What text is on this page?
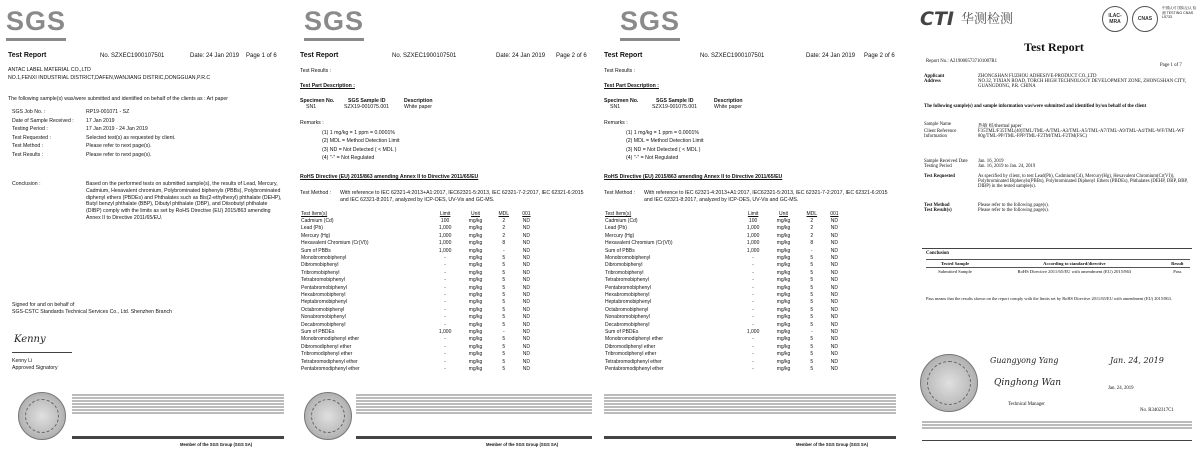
SGS
Test Report	No. SZXEC1900107501	Date: 24 Jan 2019 Page 1 of 6
ANTAC LABEL MATERIAL CO.,LTD
NO.1,FENXI INDUSTRIAL DISTRICT,DAFEN,WANJIANG DISTRIC,DONGGUAN,P.R.C
The following sample(s) was/were submitted and identified on behalf of the clients as : Art paper
SGS Job No. :	RP19-001071 - SZ
Date of Sample Received :	17 Jan 2019
Testing Period :	17 Jan 2019 - 24 Jan 2019
Test Requested :	Selected test(s) as requested by client.
Test Method :	Please refer to next page(s).
Test Results :	Please refer to next page(s).
Conclusion :	Based on the performed tests on submitted sample(s), the results of Lead, Mercury, Cadmium, Hexavalent chromium, Polybrominated biphenyls (PBBs), Polybrominated diphenyl ethers (PBDEs) and Phthalates such as Bis(2-ethylhexyl) phthalate (DEHP), Butyl benzyl phthalate (BBP), Dibutyl phthalate (DBP), and Diisobutyl phthalate (DIBP) comply with the limits as set by RoHS Directive (EU) 2015/863 amending Annex II to Directive 2011/65/EU.
Signed for and on behalf of
SGS-CSTC Standards Technical Services Co., Ltd. Shenzhen Branch
Kenny
Kenny Li
Approved Signatory
Member of the SGS Group (SGS SA)
SGS
Test Report	No. SZXEC1900107501	Date: 24 Jan 2019 Page 2 of 6
Test Results :
Test Part Description :
Specimen No.	SGS Sample ID	Description
SN1	SZX19-001075.001	White paper
Remarks :
(1) 1 mg/kg = 1 ppm = 0.0001%
(2) MDL = Method Detection Limit
(3) ND = Not Detected ( < MDL )
(4) "-" = Not Regulated
RoHS Directive (EU) 2015/863 amending Annex II to Directive 2011/65/EU
Test Method : With reference to IEC 62321-4:2013+A1:2017, IEC62321-5:2013, IEC 62321-7-2:2017, IEC 62321-6:2015 and IEC 62321-8:2017, analyzed by ICP-OES, UV-Vis and GC-MS.
Test Item(s)	Limit	Unit	MDL	001
Cadmium (Cd)	100	mg/kg	2	ND
Lead (Pb)	1,000	mg/kg	2	ND
Mercury (Hg)	1,000	mg/kg	2	ND
Hexavalent Chromium (Cr(VI))	1,000	mg/kg	8	ND
Sum of PBBs	1,000	mg/kg	-	ND
Monobromobiphenyl	-	mg/kg	5	ND
Dibromobiphenyl	-	mg/kg	5	ND
Tribromobiphenyl	-	mg/kg	5	ND
Tetrabromobiphenyl	-	mg/kg	5	ND
Pentabromobiphenyl	-	mg/kg	5	ND
Hexabromobiphenyl	-	mg/kg	5	ND
Heptabromobiphenyl	-	mg/kg	5	ND
Octabromobiphenyl	-	mg/kg	5	ND
Nonabromobiphenyl	-	mg/kg	5	ND
Decabromobiphenyl	-	mg/kg	5	ND
Sum of PBDEs	1,000	mg/kg	-	ND
Monobromodiphenyl ether	-	mg/kg	5	ND
Dibromodiphenyl ether	-	mg/kg	5	ND
Tribromodiphenyl ether	-	mg/kg	5	ND
Tetrabromodiphenyl ether	-	mg/kg	5	ND
Pentabromodiphenyl ether	-	mg/kg	5	ND
Member of the SGS Group (SGS SA)
SGS
Test Report	No. SZXEC1900107501	Date: 24 Jan 2019 Page 2 of 6
Test Results :
Test Part Description :
Specimen No.	SGS Sample ID	Description
SN1	SZX19-001075.001	White paper
Remarks :
(1) 1 mg/kg = 1 ppm = 0.0001%
(2) MDL = Method Detection Limit
(3) ND = Not Detected ( < MDL )
(4) "-" = Not Regulated
RoHS Directive (EU) 2015/863 amending Annex II to Directive 2011/65/EU
Test Method : With reference to IEC 62321-4:2013+A1:2017, IEC62321-5:2013, IEC 62321-7-2:2017, IEC 62321-6:2015 and IEC 62321-8:2017, analyzed by ICP-OES, UV-Vis and GC-MS.
Test Item(s)	Limit	Unit	MDL	001
Cadmium (Cd)	100	mg/kg	2	ND
Lead (Pb)	1,000	mg/kg	2	ND
Mercury (Hg)	1,000	mg/kg	2	ND
Hexavalent Chromium (Cr(VI))	1,000	mg/kg	8	ND
Sum of PBBs	1,000	mg/kg	-	ND
Monobromobiphenyl	-	mg/kg	5	ND
Dibromobiphenyl	-	mg/kg	5	ND
Tribromobiphenyl	-	mg/kg	5	ND
Tetrabromobiphenyl	-	mg/kg	5	ND
Pentabromobiphenyl	-	mg/kg	5	ND
Hexabromobiphenyl	-	mg/kg	5	ND
Heptabromobiphenyl	-	mg/kg	5	ND
Octabromobiphenyl	-	mg/kg	5	ND
Nonabromobiphenyl	-	mg/kg	5	ND
Decabromobiphenyl	-	mg/kg	5	ND
Sum of PBDEs	1,000	mg/kg	-	ND
Monobromodiphenyl ether	-	mg/kg	5	ND
Dibromodiphenyl ether	-	mg/kg	5	ND
Tribromodiphenyl ether	-	mg/kg	5	ND
Tetrabromodiphenyl ether	-	mg/kg	5	ND
Pentabromodiphenyl ether	-	mg/kg	5	ND
Member of the SGS Group (SGS SA)
CTI 华测检测	ILAC-MRA	CNAS
中国认可 国际互认 检测 TESTING CNAS L5733
Test Report
Report No.: A2190005737101007R1
Page 1 of 7
Applicant	ZHONGSHAN FUZHOU ADHESIVE-PRODUCT CO.,LTD
Address	NO.32, YIXIAN ROAD, TORCH HIGH TECHNOLOGY DEVELOPMENT ZONE, ZHONGSHAN CITY, GUANGDONG, P.R. CHINA
The following sample(s) and sample information was/were submitted and identified by/on behalf of the client
Sample Name	热敏 纸/thermal paper
Client Reference Information	F35TML/F35TML(40)TML/TML-A/TML-A3/TML-A5/TML-A7/TML-A9/TML-A4/TML-WF/TML-WF 80g/TML-PP/TML-FPP/TML-F2TM/TML-F2TM(FSC)
Sample Received Date	Jan. 16, 2019
Testing Period	Jan. 16, 2019 to Jan. 24, 2019
Test Requested	As specified by client, to test Lead(Pb), Cadmium(Cd), Mercury(Hg), Hexavalent Chromium(Cr(VI)), Polybrominated Biphenyls(PBBs), Polybrominated Diphenyl Ethers (PBDEs), Phthalates (DEHP, DBP, BBP, DIBP) in the tested sample(s).
Test Method	Please refer to the following page(s).
Test Result(s)	Please refer to the following page(s).
Conclusion
Tested Sample	According to standard/directive	Result
Submitted Sample	RoHS Directive 2011/65/EU with amendment (EU) 2015/863	Pass
Pass means that the results shown on the report comply with the limits set by RoHS Directive 2011/65/EU with amendment (EU) 2015/863.
Guangyong Yang	Jan. 24, 2019
Qinghong Wan
Technical Manager
Jan. 24, 2019
No. R3402317C1
